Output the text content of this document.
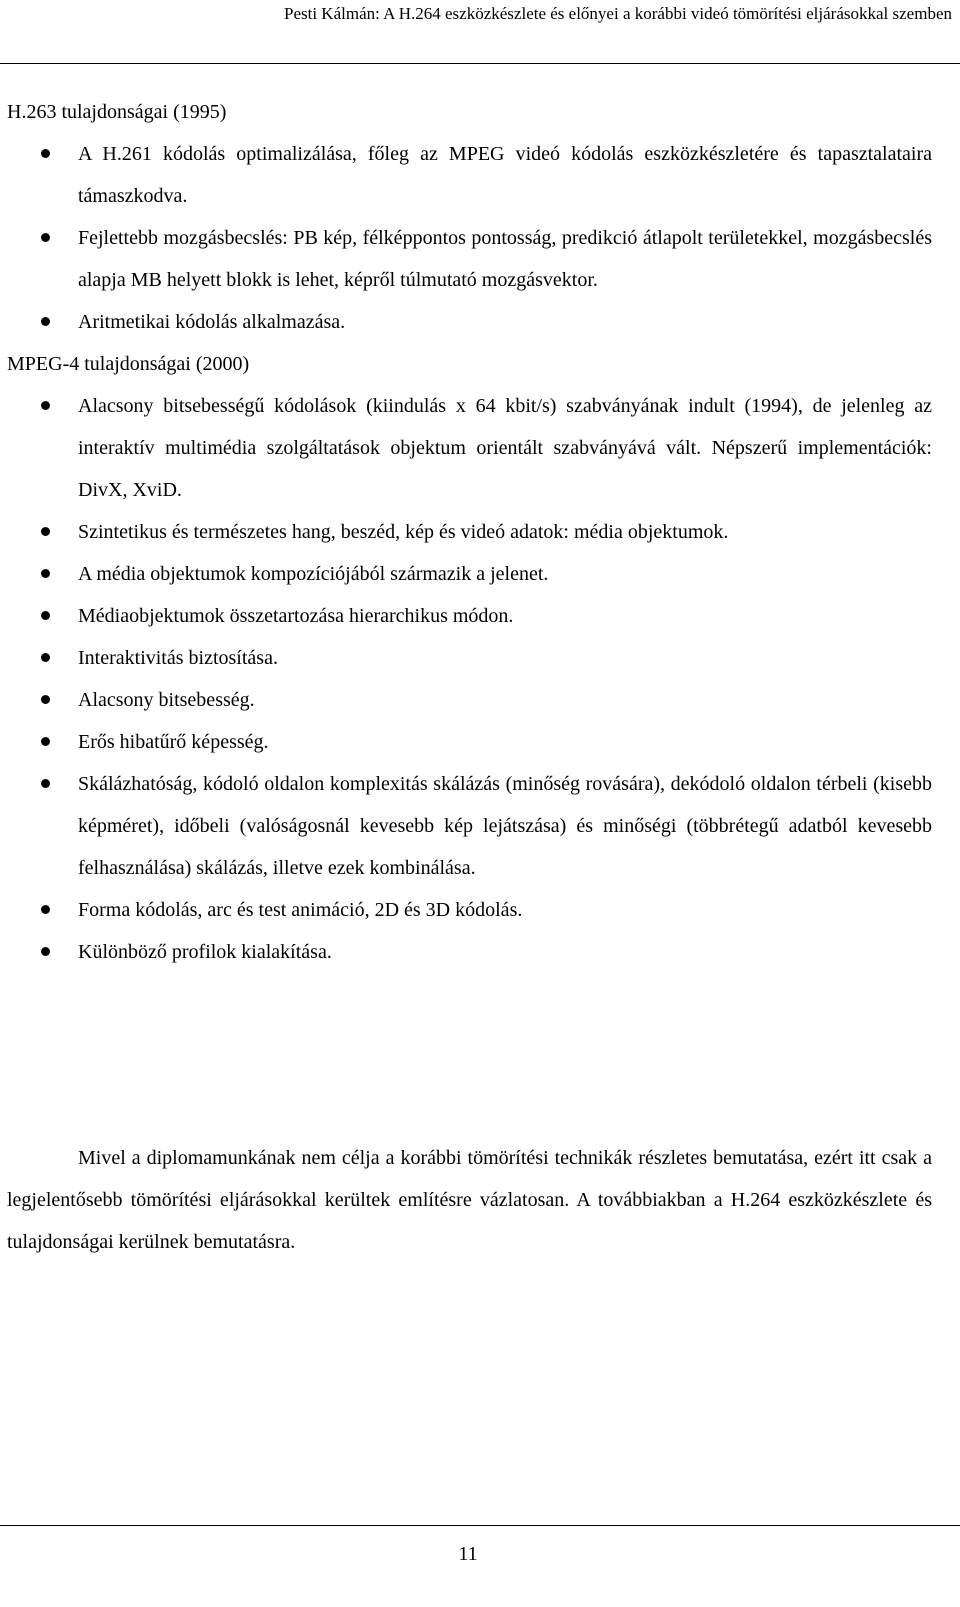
Pesti Kálmán: A H.264 eszközkészlete és előnyei a korábbi videó tömörítési eljárásokkal szemben
H.263 tulajdonságai (1995)
A H.261 kódolás optimalizálása, főleg az MPEG videó kódolás eszközkészletére és tapasztalataira támaszkodva.
Fejlettebb mozgásbecslés: PB kép, félképpontos pontosság, predikció átlapolt területekkel, mozgásbecslés alapja MB helyett blokk is lehet, képről túlmutató mozgásvektor.
Aritmetikai kódolás alkalmazása.
MPEG-4 tulajdonságai (2000)
Alacsony bitsebességű kódolások (kiindulás x 64 kbit/s) szabványának indult (1994), de jelenleg az interaktív multimédia szolgáltatások objektum orientált szabványává vált. Népszerű implementációk: DivX, XviD.
Szintetikus és természetes hang, beszéd, kép és videó adatok: média objektumok.
A média objektumok kompozíciójából származik a jelenet.
Médiaobjektumok összetartozása hierarchikus módon.
Interaktivitás biztosítása.
Alacsony bitsebesség.
Erős hibatűrő képesség.
Skálázhatóság, kódoló oldalon komplexitás skálázás (minőség rovására), dekódoló oldalon térbeli (kisebb képméret), időbeli (valóságosnál kevesebb kép lejátszása) és minőségi (többrétegű adatból kevesebb felhasználása) skálázás, illetve ezek kombinálása.
Forma kódolás, arc és test animáció, 2D és 3D kódolás.
Különböző profilok kialakítása.

Mivel a diplomamunkának nem célja a korábbi tömörítési technikák részletes bemutatása, ezért itt csak a legjelentősebb tömörítési eljárásokkal kerültek említésre vázlatosan. A továbbiakban a H.264 eszközkészlete és tulajdonságai kerülnek bemutatásra.

11
